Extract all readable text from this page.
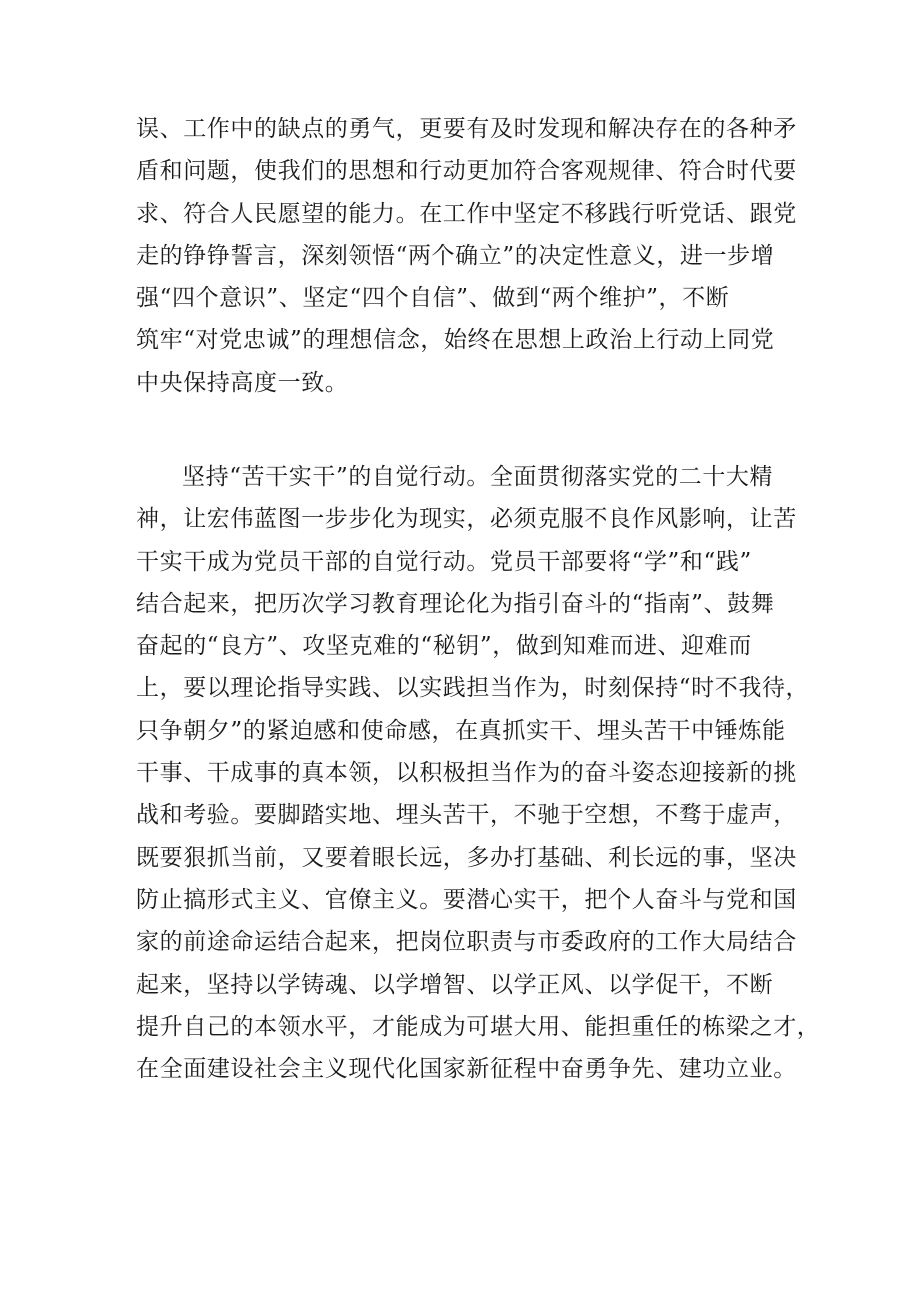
误、工作中的缺点的勇气，更要有及时发现和解决存在的各种矛
盾和问题，使我们的思想和行动更加符合客观规律、符合时代要
求、符合人民愿望的能力。在工作中坚定不移践行听党话、跟党
走的铮铮誓言，深刻领悟“两个确立”的决定性意义，进一步增
强“四个意识”、坚定“四个自信”、做到“两个维护”，不断
筑牢“对党忠诚”的理想信念，始终在思想上政治上行动上同党
中央保持高度一致。
坚持“苦干实干”的自觉行动。全面贯彻落实党的二十大精
神，让宏伟蓝图一步步化为现实，必须克服不良作风影响，让苦
干实干成为党员干部的自觉行动。党员干部要将“学”和“践”
结合起来，把历次学习教育理论化为指引奋斗的“指南”、鼓舞
奋起的“良方”、攻坚克难的“秘钥”，做到知难而进、迎难而
上，要以理论指导实践、以实践担当作为，时刻保持“时不我待，
只争朝夕”的紧迫感和使命感，在真抓实干、埋头苦干中锤炼能
干事、干成事的真本领，以积极担当作为的奋斗姿态迎接新的挑
战和考验。要脚踏实地、埋头苦干，不驰于空想，不骛于虚声，
既要狠抓当前，又要着眼长远，多办打基础、利长远的事，坚决
防止搞形式主义、官僚主义。要潜心实干，把个人奋斗与党和国
家的前途命运结合起来，把岗位职责与市委政府的工作大局结合
起来，坚持以学铸魂、以学增智、以学正风、以学促干，不断
提升自己的本领水平，才能成为可堪大用、能担重任的栋梁之才，
在全面建设社会主义现代化国家新征程中奋勇争先、建功立业。
